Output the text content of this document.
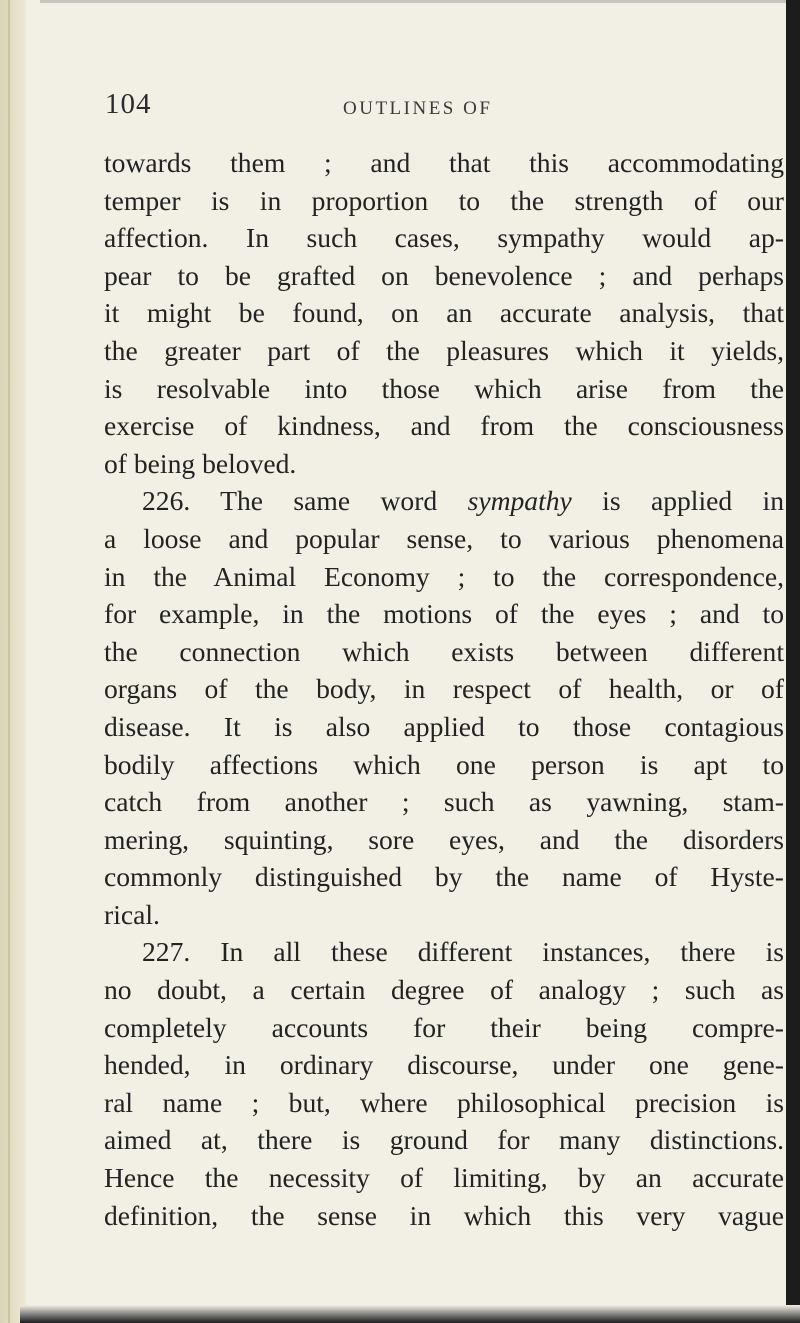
104	OUTLINES OF
towards them ; and that this accommodating
temper is in proportion to the strength of our
affection. In such cases, sympathy would ap-
pear to be grafted on benevolence ; and perhaps
it might be found, on an accurate analysis, that
the greater part of the pleasures which it yields,
is resolvable into those which arise from the
exercise of kindness, and from the consciousness
of being beloved.
226. The same word sympathy is applied in
a loose and popular sense, to various phenomena
in the Animal Economy ; to the correspondence,
for example, in the motions of the eyes ; and to
the connection which exists between different
organs of the body, in respect of health, or of
disease. It is also applied to those contagious
bodily affections which one person is apt to
catch from another ; such as yawning, stam-
mering, squinting, sore eyes, and the disorders
commonly distinguished by the name of Hyste-
rical.
227. In all these different instances, there is
no doubt, a certain degree of analogy ; such as
completely accounts for their being compre-
hended, in ordinary discourse, under one gene-
ral name ; but, where philosophical precision is
aimed at, there is ground for many distinctions.
Hence the necessity of limiting, by an accurate
definition, the sense in which this very vague
